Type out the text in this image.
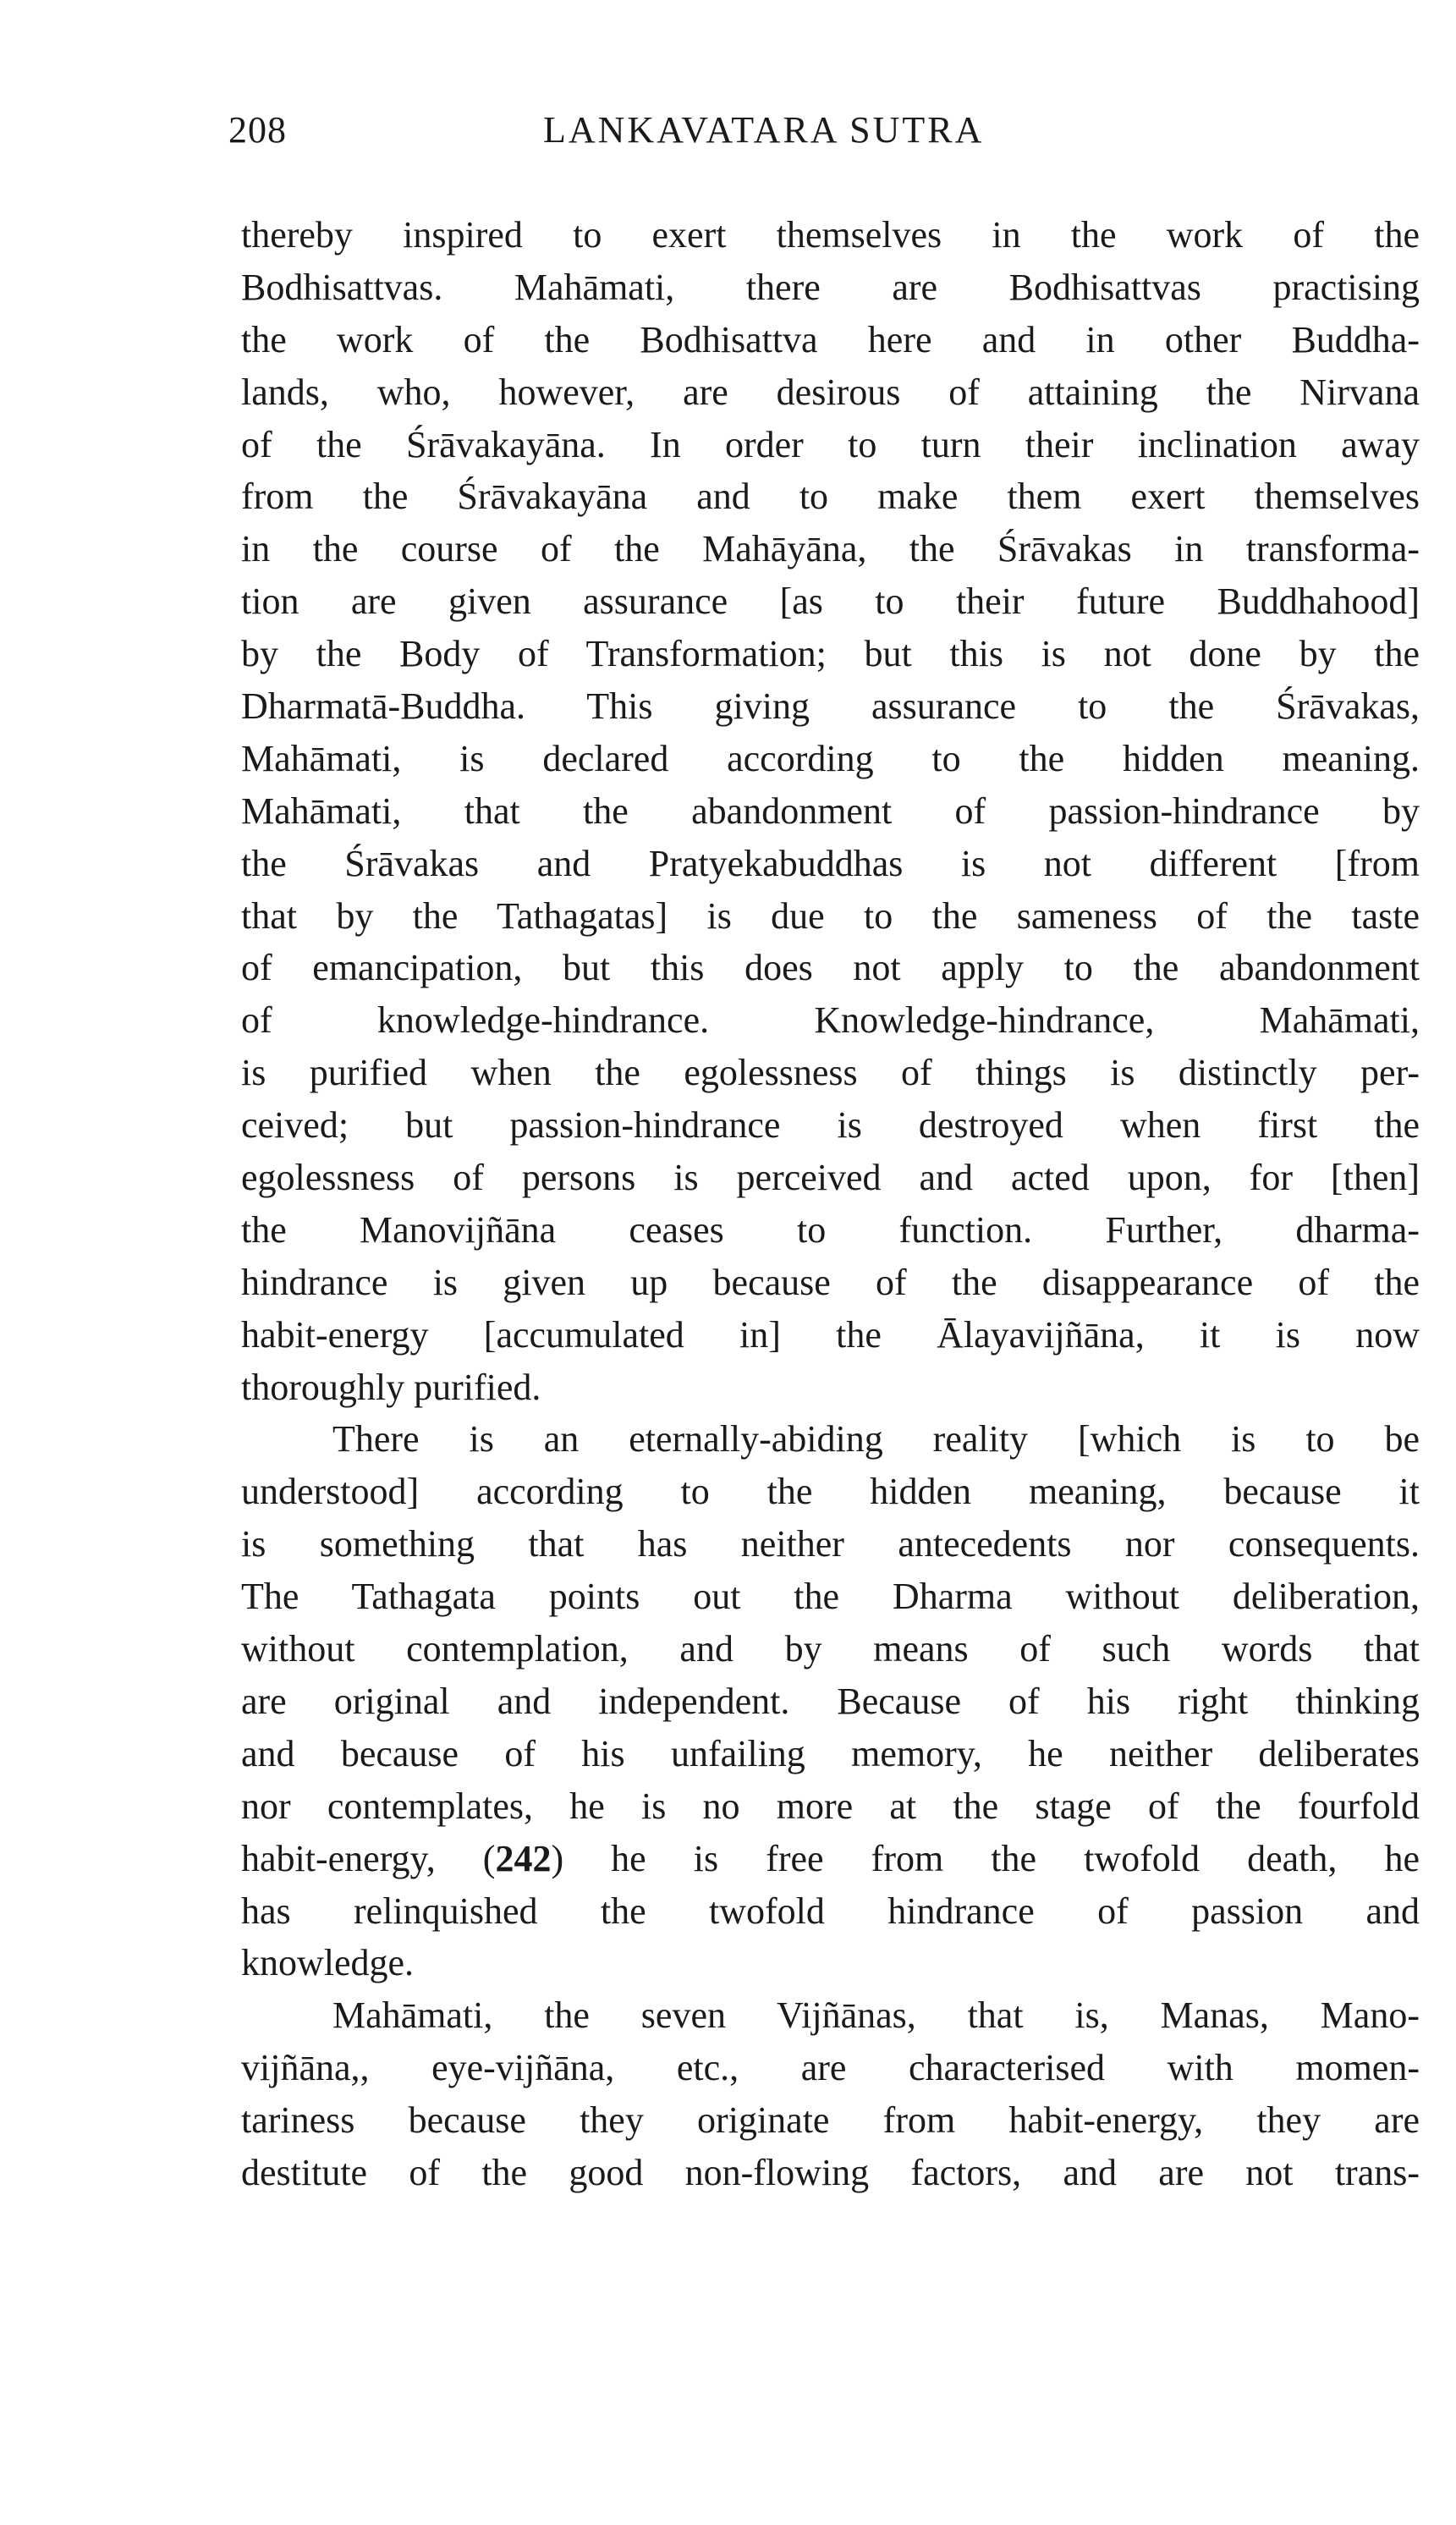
208	LANKAVATARA SUTRA
thereby inspired to exert themselves in the work of the
Bodhisattvas. Mahāmati, there are Bodhisattvas practising
the work of the Bodhisattva here and in other Buddha-
lands, who, however, are desirous of attaining the Nirvana
of the Śrāvakayāna. In order to turn their inclination away
from the Śrāvakayāna and to make them exert themselves
in the course of the Mahāyāna, the Śrāvakas in transforma-
tion are given assurance [as to their future Buddhahood]
by the Body of Transformation; but this is not done by the
Dharmatā-Buddha. This giving assurance to the Śrāvakas,
Mahāmati, is declared according to the hidden meaning.
Mahāmati, that the abandonment of passion-hindrance by
the Śrāvakas and Pratyekabuddhas is not different [from
that by the Tathagatas] is due to the sameness of the taste
of emancipation, but this does not apply to the abandonment
of knowledge-hindrance. Knowledge-hindrance, Mahāmati,
is purified when the egolessness of things is distinctly per-
ceived; but passion-hindrance is destroyed when first the
egolessness of persons is perceived and acted upon, for [then]
the Manovijñāna ceases to function. Further, dharma-
hindrance is given up because of the disappearance of the
habit-energy [accumulated in] the Ālayavijñāna, it is now
thoroughly purified.
There is an eternally-abiding reality [which is to be
understood] according to the hidden meaning, because it
is something that has neither antecedents nor consequents.
The Tathagata points out the Dharma without deliberation,
without contemplation, and by means of such words that
are original and independent. Because of his right thinking
and because of his unfailing memory, he neither deliberates
nor contemplates, he is no more at the stage of the fourfold
habit-energy, (242) he is free from the twofold death, he
has relinquished the twofold hindrance of passion and
knowledge.
Mahāmati, the seven Vijñānas, that is, Manas, Mano-
vijñāna,, eye-vijñāna, etc., are characterised with momen-
tariness because they originate from habit-energy, they are
destitute of the good non-flowing factors, and are not trans-
